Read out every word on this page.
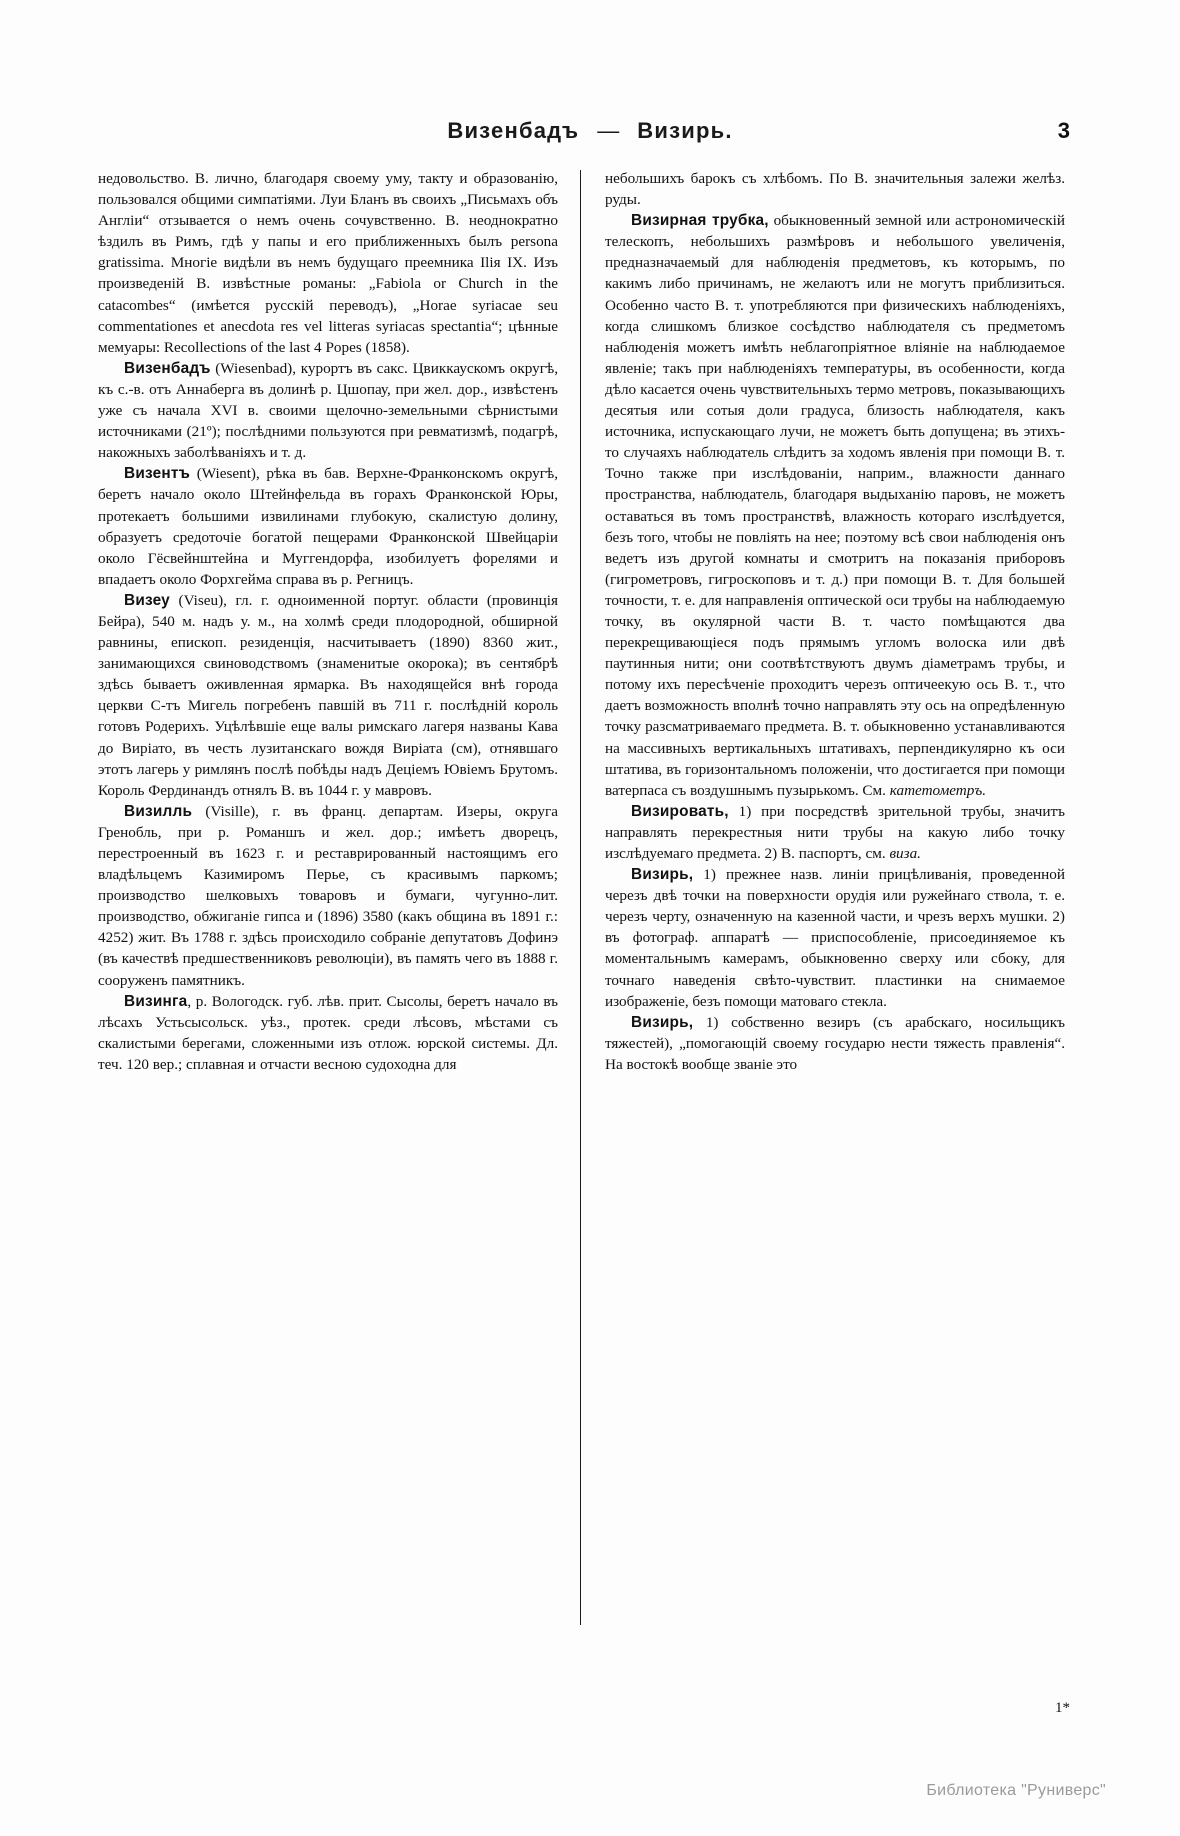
Визенбадъ — Визирь.	3

недовольство. В. лично, благодаря своему уму, такту и образованію, пользовался общими симпатіями. Луи Бланъ въ своихъ „Письмахъ объ Англіи“ отзывается о немъ очень сочувственно. В. неоднократно ѣздилъ въ Римъ, гдѣ у папы и его приближенныхъ былъ persona gratissima. Многіе видѣли въ немъ будущаго преемника Ilія IX. Изъ произведеній В. извѣстные романы: „Fabiola or Church in the catacombes“ (имѣется русскій переводъ), „Horae syriacae seu commentationes et anecdota res vel litteras syriacas spectantia“; цѣнные мемуары: Recollections of the last 4 Popes (1858).

Визенбадъ (Wiesenbad), курортъ въ сакс. Цвиккаускомъ округѣ, къ с.-в. отъ Аннаберга въ долинѣ р. Цшопау, при жел. дор., извѣстенъ уже съ начала XVI в. своими щелочно-земельными сѣрнистыми источниками (21º); послѣдними пользуются при ревматизмѣ, подагрѣ, накожныхъ заболѣваніяхъ и т. д.

Визентъ (Wiesent), рѣка въ бав. Верхне-Франконскомъ округѣ, беретъ начало около Штейнфельда въ горахъ Франконской Юры, протекаетъ большими извилинами глубокую, скалистую долину, образуетъ средоточіе богатой пещерами Франконской Швейцаріи около Гёсвейнштейна и Муггендорфа, изобилуетъ форелями и впадаетъ около Форхгейма справа въ р. Регницъ.

Визеу (Viseu), гл. г. одноименной португ. области (провинція Бейра), 540 м. надъ у. м., на холмѣ среди плодородной, обширной равнины, епископ. резиденція, насчитываетъ (1890) 8360 жит., занимающихся свиноводствомъ (знаменитые окорока); въ сентябрѣ здѣсь бываетъ оживленная ярмарка. Въ находящейся внѣ города церкви С-тъ Мигель погребенъ павшій въ 711 г. послѣдній король готовъ Родерихъ. Уцѣлѣвшіе еще валы римскаго лагеря названы Кава до Виріато, въ честь лузитанскаго вождя Виріата (см), отнявшаго этотъ лагерь у римлянъ послѣ побѣды надъ Деціемъ Ювіемъ Брутомъ. Король Фердинандъ отнялъ В. въ 1044 г. у мавровъ.

Визилль (Visille), г. въ франц. департам. Изеры, округа Гренобль, при р. Романшъ и жел. дор.; имѣетъ дворецъ, перестроенный въ 1623 г. и реставрированный настоящимъ его владѣльцемъ Казимиромъ Перье, съ красивымъ паркомъ; производство шелковыхъ товаровъ и бумаги, чугунно-лит. производство, обжиганіе гипса и (1896) 3580 (какъ община въ 1891 г.: 4252) жит. Въ 1788 г. здѣсь происходило собраніе депутатовъ Дофинэ (въ качествѣ предшественниковъ революціи), въ память чего въ 1888 г. сооруженъ памятникъ.

Визинга, р. Вологодск. губ. лѣв. прит. Сысолы, беретъ начало въ лѣсахъ Устьсысольск. уѣз., протек. среди лѣсовъ, мѣстами съ скалистыми берегами, сложенными изъ отлож. юрской системы. Дл. теч. 120 вер.; сплавная и отчасти весною судоходна для

небольшихъ барокъ съ хлѣбомъ. По В. значительныя залежи желѣз. руды.

Визирная трубка, обыкновенный земной или астрономическій телескопъ, небольшихъ размѣровъ и небольшого увеличенія, предназначаемый для наблюденія предметовъ, къ которымъ, по какимъ либо причинамъ, не желаютъ или не могутъ приблизиться. Особенно часто В. т. употребляются при физическихъ наблюденіяхъ, когда слишкомъ близкое сосѣдство наблюдателя съ предметомъ наблюденія можетъ имѣть неблагопріятное вліяніе на наблюдаемое явленіе; такъ при наблюденіяхъ температуры, въ особенности, когда дѣло касается очень чувствительныхъ термо метровъ, показывающихъ десятыя или сотыя доли градуса, близость наблюдателя, какъ источника, испускающаго лучи, не можетъ быть допущена; въ этихъ-то случаяхъ наблюдатель слѣдитъ за ходомъ явленія при помощи В. т. Точно также при изслѣдованіи, наприм., влажности даннаго пространства, наблюдатель, благодаря выдыханію паровъ, не можетъ оставаться въ томъ пространствѣ, влажность котораго изслѣдуется, безъ того, чтобы не повліять на нее; поэтому всѣ свои наблюденія онъ ведетъ изъ другой комнаты и смотритъ на показанія приборовъ (гигрометровъ, гигроскоповъ и т. д.) при помощи В. т. Для большей точности, т. е. для направленія оптической оси трубы на наблюдаемую точку, въ окулярной части В. т. часто помѣщаются два перекрещивающіеся подъ прямымъ угломъ волоска или двѣ паутинныя нити; они соотвѣтствуютъ двумъ діаметрамъ трубы, и потому ихъ пересѣченіе проходитъ черезъ оптичеекую ось В. т., что даетъ возможность вполнѣ точно направлять эту ось на опредѣленную точку разсматриваемаго предмета. В. т. обыкновенно устанавливаются на массивныхъ вертикальныхъ штативахъ, перпендикулярно къ оси штатива, въ горизонтальномъ положеніи, что достигается при помощи ватерпаса съ воздушнымъ пузырькомъ. См. катетометръ.

Визировать, 1) при посредствѣ зрительной трубы, значитъ направлять перекрестныя нити трубы на какую либо точку изслѣдуемаго предмета. 2) В. паспортъ, см. виза.

Визирь, 1) прежнее назв. линіи прицѣливанія, проведенной черезъ двѣ точки на поверхности орудія или ружейнаго ствола, т. е. черезъ черту, означенную на казенной части, и чрезъ верхъ мушки. 2) въ фотограф. аппаратѣ — приспособленіе, присоединяемое къ моментальнымъ камерамъ, обыкновенно сверху или сбоку, для точнаго наведенія свѣто-чувствит. пластинки на снимаемое изображеніе, безъ помощи матоваго стекла.

Визирь, 1) собственно везиръ (съ арабскаго, носильщикъ тяжестей), „помогающій своему государю нести тяжесть правленія“. На востокѣ вообще званіе это

1*
Библиотека "Руниверс"
